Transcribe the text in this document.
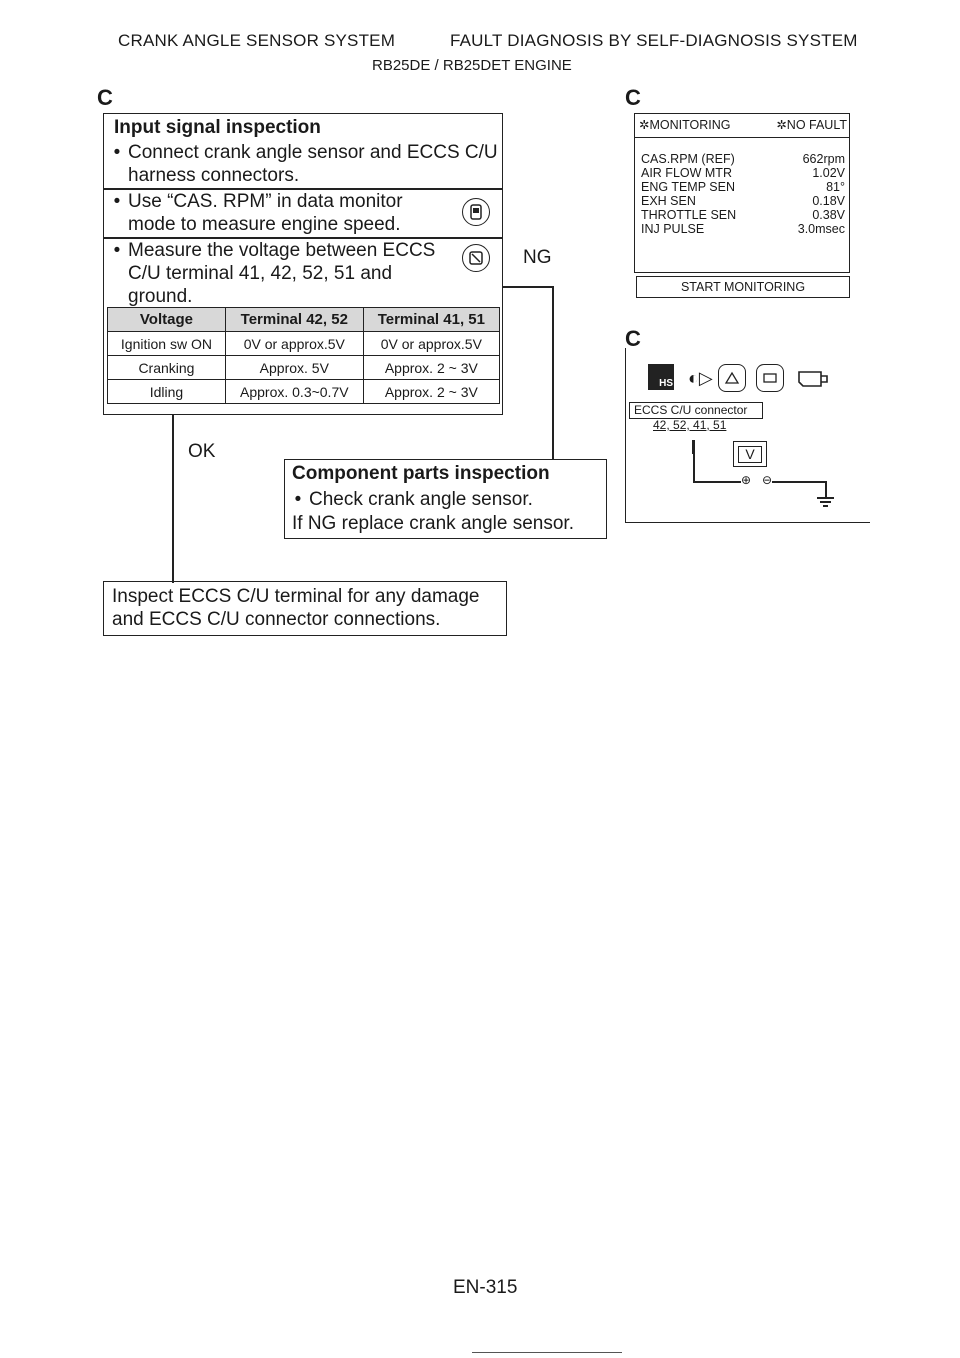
CRANK ANGLE SENSOR SYSTEM	FAULT DIAGNOSIS BY SELF-DIAGNOSIS SYSTEM
RB25DE / RB25DET ENGINE
C	C
C
Input signal inspection
• Connect crank angle sensor and ECCS C/U harness connectors.
• Use “CAS. RPM” in data monitor mode to measure engine speed.
• Measure the voltage between ECCS C/U terminal 41, 42, 52, 51 and ground.
Voltage	Terminal 42, 52	Terminal 41, 51
Ignition sw ON	0V or approx.5V	0V or approx.5V
Cranking	Approx. 5V	Approx. 2 ~ 3V
Idling	Approx. 0.3~0.7V	Approx. 2 ~ 3V
NG
OK
Component parts inspection
• Check crank angle sensor.
If NG replace crank angle sensor.
Inspect ECCS C/U terminal for any damage and ECCS C/U connector connections.
✲MONITORING	✲NO FAULT
CAS.RPM (REF)	662rpm
AIR FLOW MTR	1.02V
ENG TEMP SEN	81°
EXH SEN	0.18V
THROTTLE SEN	0.38V
INJ PULSE	3.0msec
START MONITORING
HS ◐▷
ECCS C/U connector
42, 52, 41, 51
V
⊕ ⊖
EN-315
